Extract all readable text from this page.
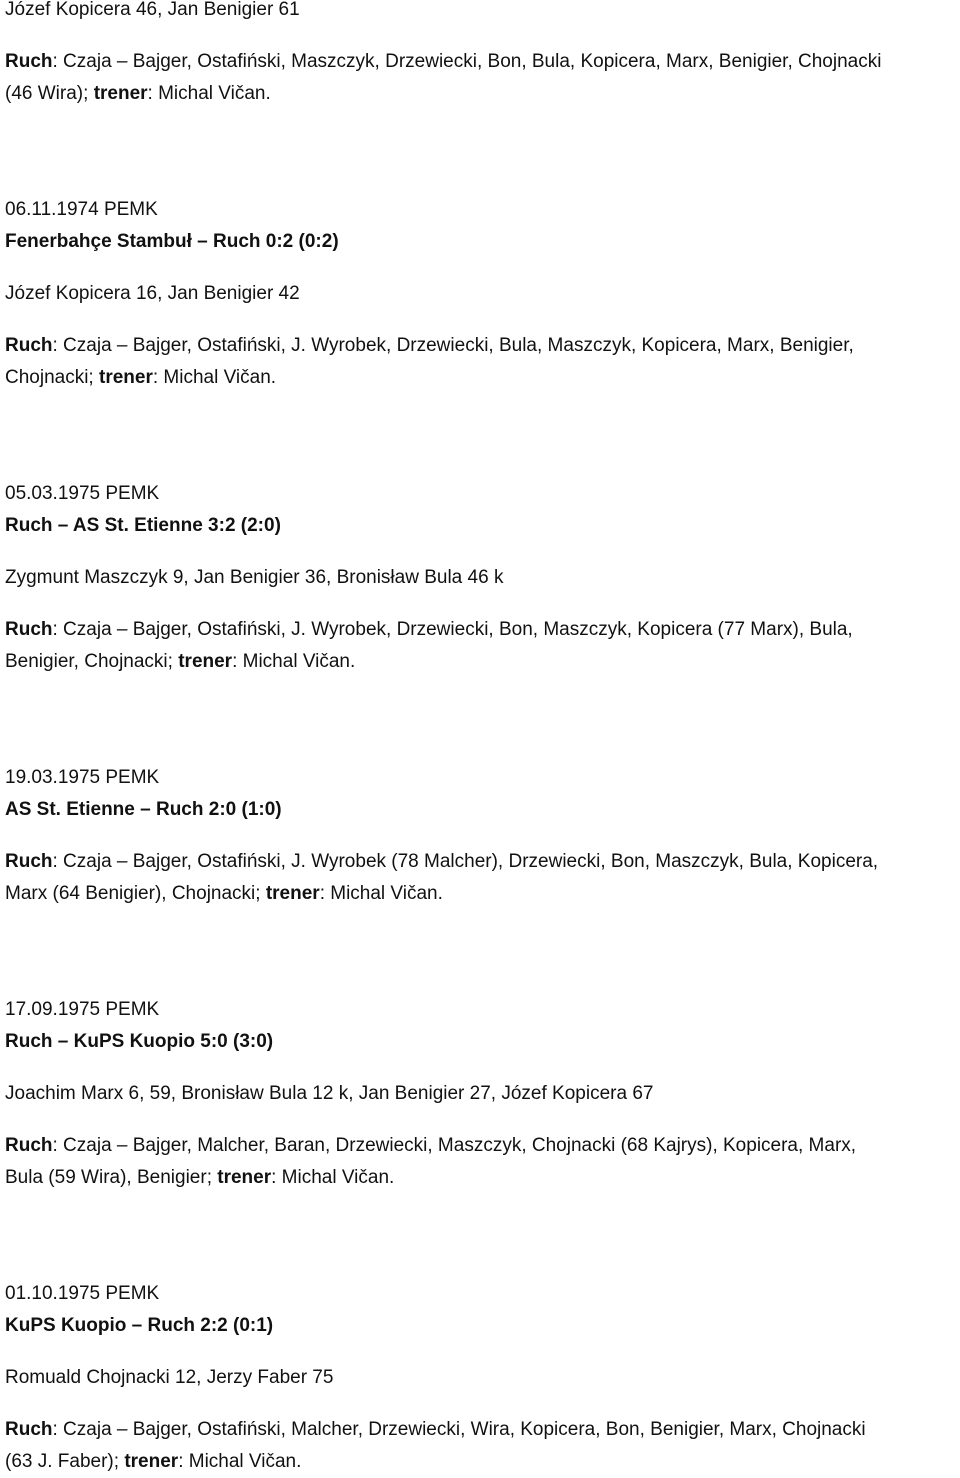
Józef Kopicera 46, Jan Benigier 61
Ruch: Czaja – Bajger, Ostafiński, Maszczyk, Drzewiecki, Bon, Bula, Kopicera, Marx, Benigier, Chojnacki
(46 Wira); trener: Michal Vičan.
06.11.1974 PEMK
Fenerbahçe Stambuł – Ruch 0:2 (0:2)
Józef Kopicera 16, Jan Benigier 42
Ruch: Czaja – Bajger, Ostafiński, J. Wyrobek, Drzewiecki, Bula, Maszczyk, Kopicera, Marx, Benigier,
Chojnacki; trener: Michal Vičan.
05.03.1975 PEMK
Ruch – AS St. Etienne 3:2 (2:0)
Zygmunt Maszczyk 9, Jan Benigier 36, Bronisław Bula 46 k
Ruch: Czaja – Bajger, Ostafiński, J. Wyrobek, Drzewiecki, Bon, Maszczyk, Kopicera (77 Marx), Bula,
Benigier, Chojnacki; trener: Michal Vičan.
19.03.1975 PEMK
AS St. Etienne – Ruch 2:0 (1:0)
Ruch: Czaja – Bajger, Ostafiński, J. Wyrobek (78 Malcher), Drzewiecki, Bon, Maszczyk, Bula, Kopicera,
Marx (64 Benigier), Chojnacki; trener: Michal Vičan.
17.09.1975 PEMK
Ruch – KuPS Kuopio 5:0 (3:0)
Joachim Marx 6, 59, Bronisław Bula 12 k, Jan Benigier 27, Józef Kopicera 67
Ruch: Czaja – Bajger, Malcher, Baran, Drzewiecki, Maszczyk, Chojnacki (68 Kajrys), Kopicera, Marx,
Bula (59 Wira), Benigier; trener: Michal Vičan.
01.10.1975 PEMK
KuPS Kuopio – Ruch 2:2 (0:1)
Romuald Chojnacki 12, Jerzy Faber 75
Ruch: Czaja – Bajger, Ostafiński, Malcher, Drzewiecki, Wira, Kopicera, Bon, Benigier, Marx, Chojnacki
(63 J. Faber); trener: Michal Vičan.
